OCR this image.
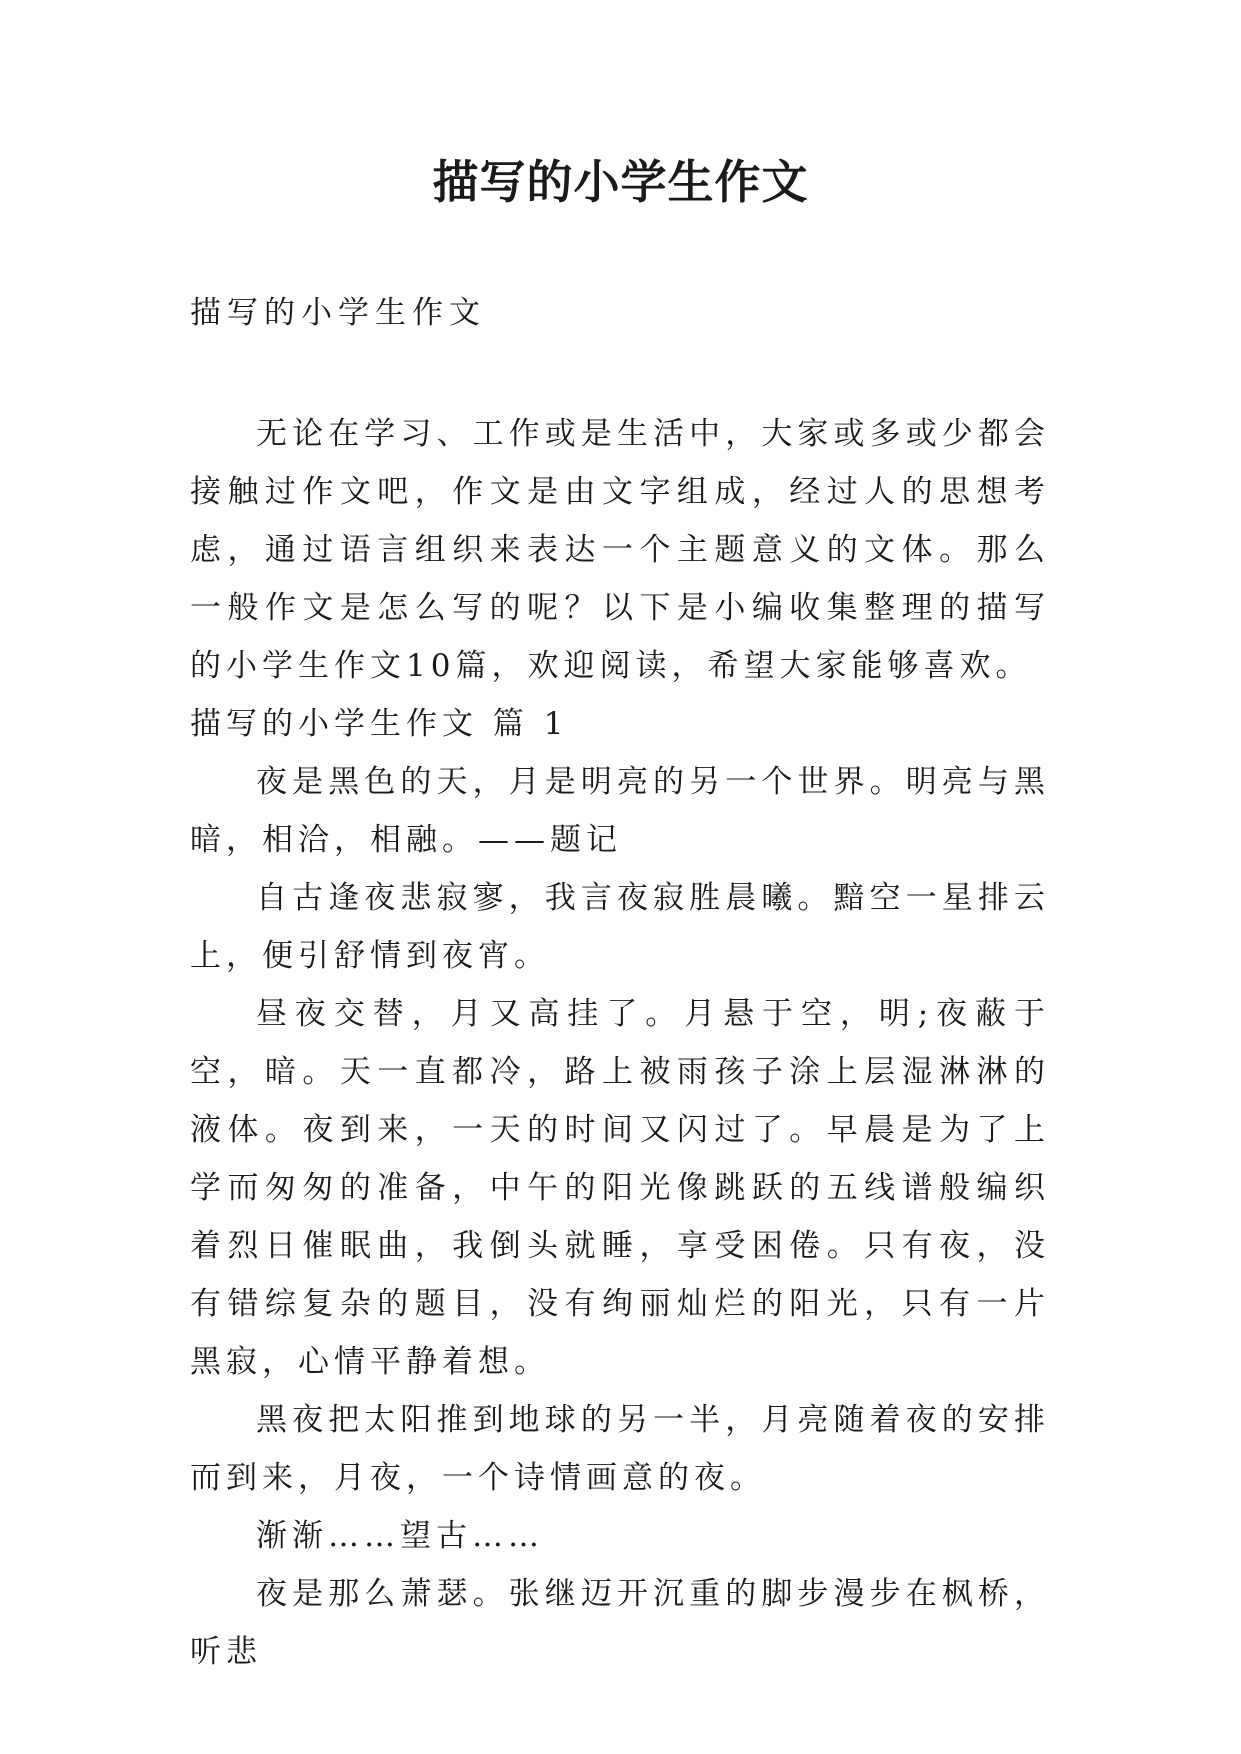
描写的小学生作文

描写的小学生作文

无论在学习、工作或是生活中，大家或多或少都会接触过作文吧，作文是由文字组成，经过人的思想考虑，通过语言组织来表达一个主题意义的文体。那么一般作文是怎么写的呢？以下是小编收集整理的描写的小学生作文10篇，欢迎阅读，希望大家能够喜欢。

描写的小学生作文 篇 1

夜是黑色的天，月是明亮的另一个世界。明亮与黑暗，相洽，相融。——题记

自古逢夜悲寂寥，我言夜寂胜晨曦。黯空一星排云上，便引舒情到夜宵。

昼夜交替，月又高挂了。月悬于空，明;夜蔽于空，暗。天一直都冷，路上被雨孩子涂上层湿淋淋的液体。夜到来，一天的时间又闪过了。早晨是为了上学而匆匆的准备，中午的阳光像跳跃的五线谱般编织着烈日催眠曲，我倒头就睡，享受困倦。只有夜，没有错综复杂的题目，没有绚丽灿烂的阳光，只有一片黑寂，心情平静着想。

黑夜把太阳推到地球的另一半，月亮随着夜的安排而到来，月夜，一个诗情画意的夜。

渐渐……望古……

夜是那么萧瑟。张继迈开沉重的脚步漫步在枫桥，听悲
